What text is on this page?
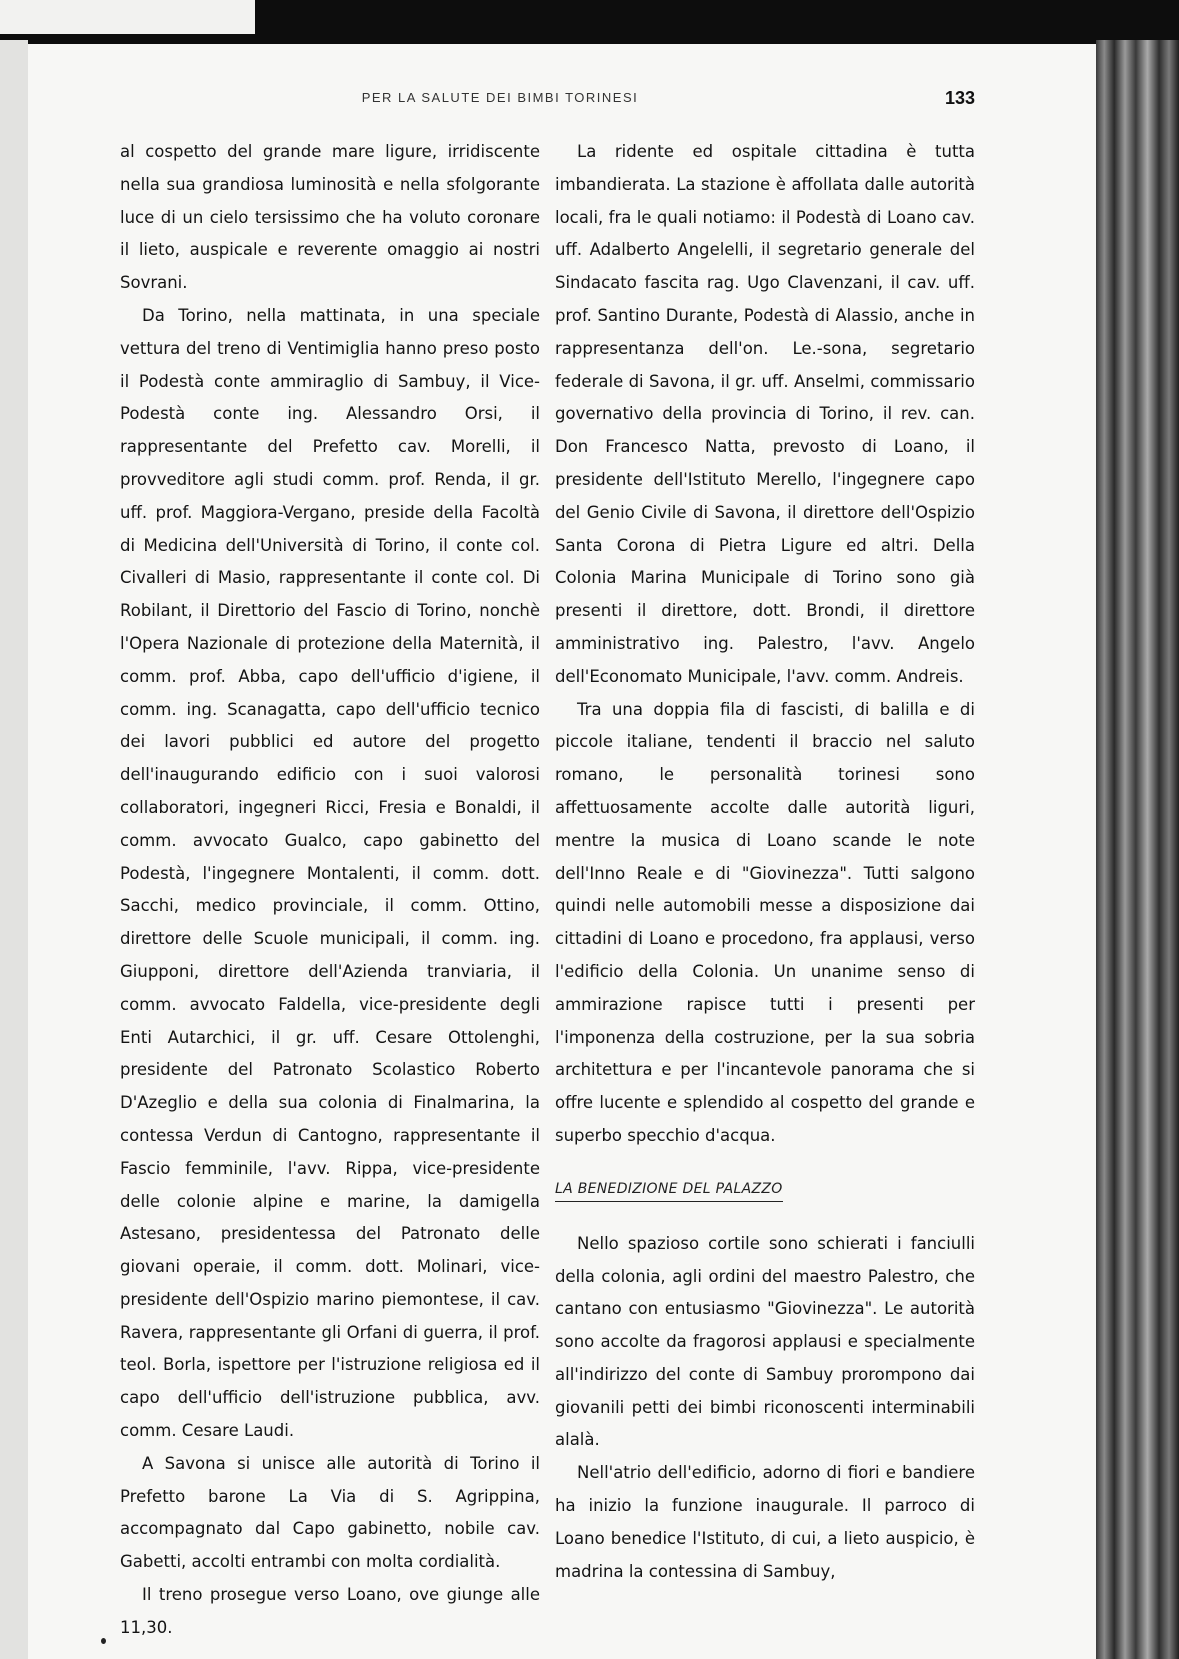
PER LA SALUTE DEI BIMBI TORINESI	133

al cospetto del grande mare ligure, irridiscente nella sua grandiosa luminosità e nella sfolgorante luce di un cielo tersissimo che ha voluto coronare il lieto, auspicale e reverente omaggio ai nostri Sovrani.

Da Torino, nella mattinata, in una speciale vettura del treno di Ventimiglia hanno preso posto il Podestà conte ammiraglio di Sambuy, il Vice-Podestà conte ing. Alessandro Orsi, il rappresentante del Prefetto cav. Morelli, il provveditore agli studi comm. prof. Renda, il gr. uff. prof. Maggiora-Vergano, preside della Facoltà di Medicina dell'Università di Torino, il conte col. Civalleri di Masio, rappresentante il conte col. Di Robilant, il Direttorio del Fascio di Torino, nonchè l'Opera Nazionale di protezione della Maternità, il comm. prof. Abba, capo dell'ufficio d'igiene, il comm. ing. Scanagatta, capo dell'ufficio tecnico dei lavori pubblici ed autore del progetto dell'inaugurando edificio con i suoi valorosi collaboratori, ingegneri Ricci, Fresia e Bonaldi, il comm. avvocato Gualco, capo gabinetto del Podestà, l'ingegnere Montalenti, il comm. dott. Sacchi, medico provinciale, il comm. Ottino, direttore delle Scuole municipali, il comm. ing. Giupponi, direttore dell'Azienda tranviaria, il comm. avvocato Faldella, vice-presidente degli Enti Autarchici, il gr. uff. Cesare Ottolenghi, presidente del Patronato Scolastico Roberto D'Azeglio e della sua colonia di Finalmarina, la contessa Verdun di Cantogno, rappresentante il Fascio femminile, l'avv. Rippa, vice-presidente delle colonie alpine e marine, la damigella Astesano, presidentessa del Patronato delle giovani operaie, il comm. dott. Molinari, vice-presidente dell'Ospizio marino piemontese, il cav. Ravera, rappresentante gli Orfani di guerra, il prof. teol. Borla, ispettore per l'istruzione religiosa ed il capo dell'ufficio dell'istruzione pubblica, avv. comm. Cesare Laudi.

A Savona si unisce alle autorità di Torino il Prefetto barone La Via di S. Agrippina, accompagnato dal Capo gabinetto, nobile cav. Gabetti, accolti entrambi con molta cordialità.

Il treno prosegue verso Loano, ove giunge alle 11,30.

La ridente ed ospitale cittadina è tutta imbandierata. La stazione è affollata dalle autorità locali, fra le quali notiamo: il Podestà di Loano cav. uff. Adalberto Angelelli, il segretario generale del Sindacato fascita rag. Ugo Clavenzani, il cav. uff. prof. Santino Durante, Podestà di Alassio, anche in rappresentanza dell'on. Le.-sona, segretario federale di Savona, il gr. uff. Anselmi, commissario governativo della provincia di Torino, il rev. can. Don Francesco Natta, prevosto di Loano, il presidente dell'Istituto Merello, l'ingegnere capo del Genio Civile di Savona, il direttore dell'Ospizio Santa Corona di Pietra Ligure ed altri. Della Colonia Marina Municipale di Torino sono già presenti il direttore, dott. Brondi, il direttore amministrativo ing. Palestro, l'avv. Angelo dell'Economato Municipale, l'avv. comm. Andreis.

Tra una doppia fila di fascisti, di balilla e di piccole italiane, tendenti il braccio nel saluto romano, le personalità torinesi sono affettuosamente accolte dalle autorità liguri, mentre la musica di Loano scande le note dell'Inno Reale e di "Giovinezza". Tutti salgono quindi nelle automobili messe a disposizione dai cittadini di Loano e procedono, fra applausi, verso l'edificio della Colonia. Un unanime senso di ammirazione rapisce tutti i presenti per l'imponenza della costruzione, per la sua sobria architettura e per l'incantevole panorama che si offre lucente e splendido al cospetto del grande e superbo specchio d'acqua.

LA BENEDIZIONE DEL PALAZZO

Nello spazioso cortile sono schierati i fanciulli della colonia, agli ordini del maestro Palestro, che cantano con entusiasmo "Giovinezza". Le autorità sono accolte da fragorosi applausi e specialmente all'indirizzo del conte di Sambuy prorompono dai giovanili petti dei bimbi riconoscenti interminabili alalà.

Nell'atrio dell'edificio, adorno di fiori e bandiere ha inizio la funzione inaugurale. Il parroco di Loano benedice l'Istituto, di cui, a lieto auspicio, è madrina la contessina di Sambuy,
